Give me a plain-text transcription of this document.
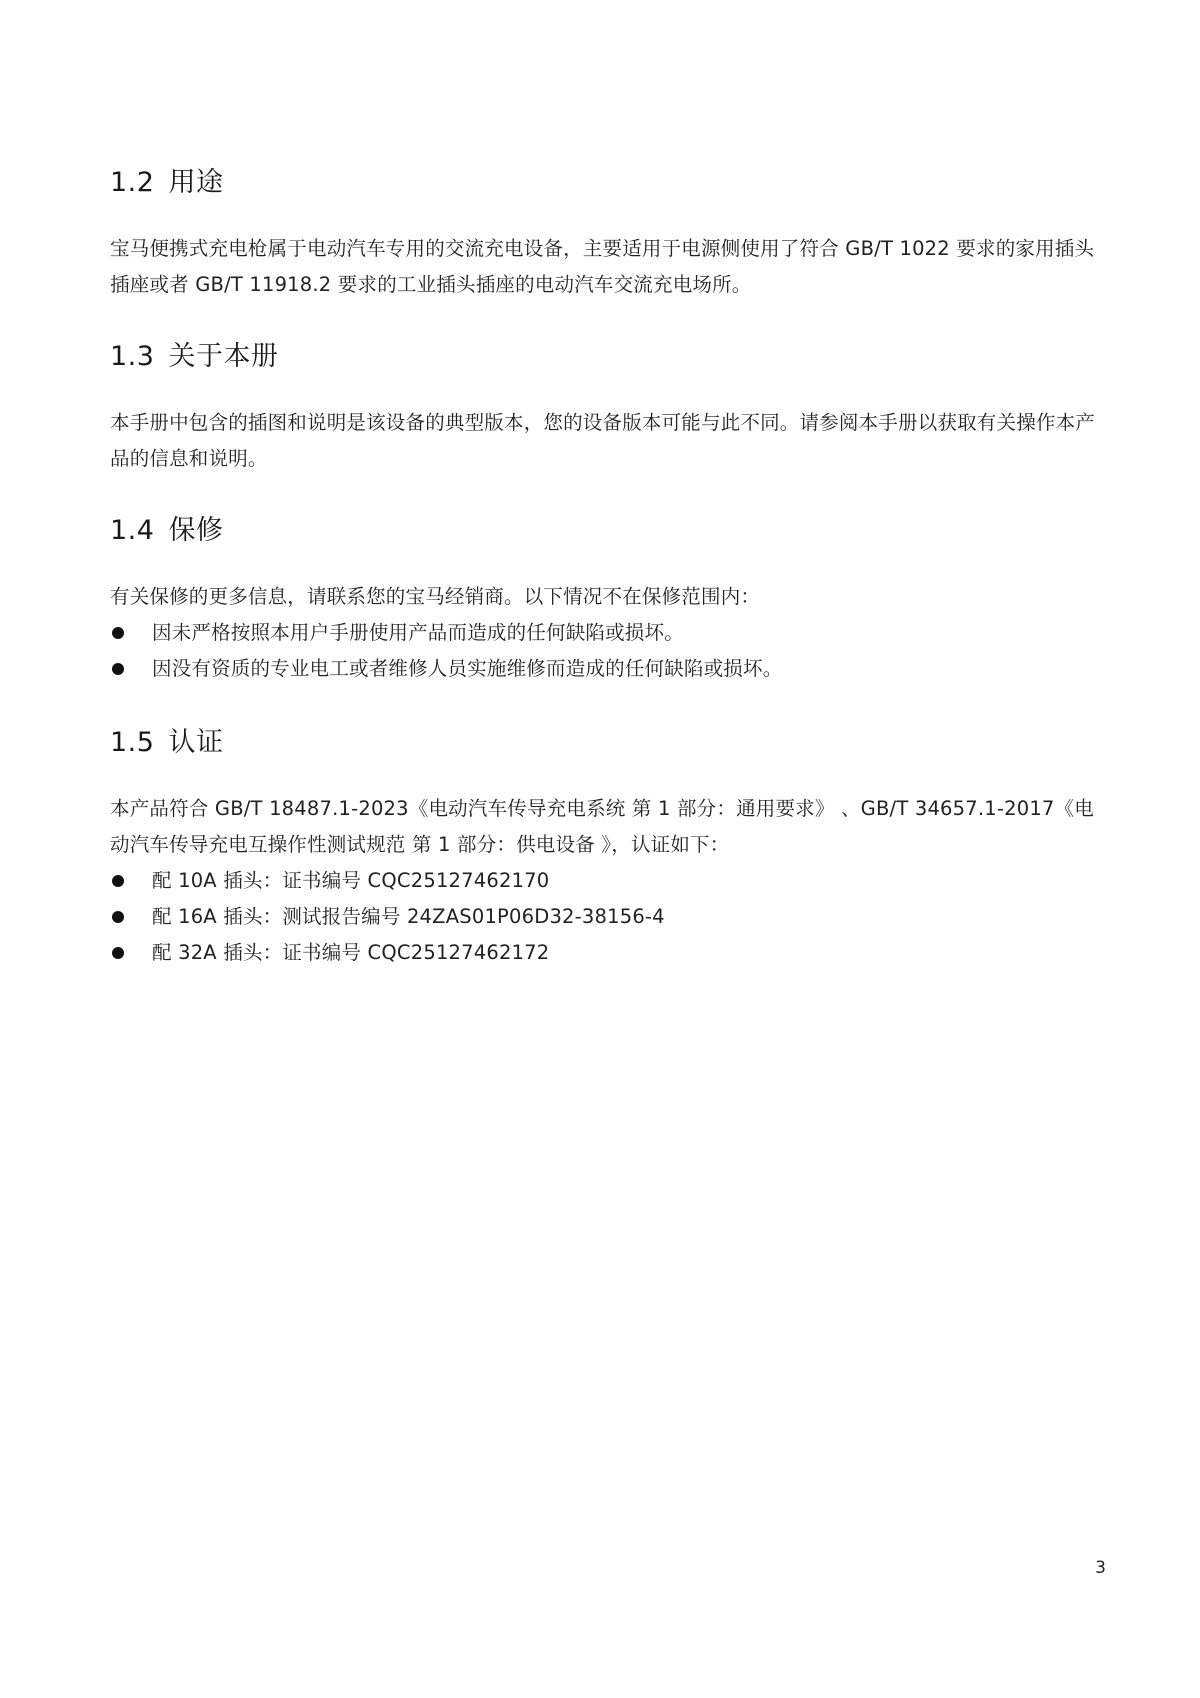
1.2 用途

宝马便携式充电枪属于电动汽车专用的交流充电设备，主要适用于电源侧使用了符合 GB/T 1022 要求的家用插头插座或者 GB/T 11918.2 要求的工业插头插座的电动汽车交流充电场所。

1.3 关于本册

本手册中包含的插图和说明是该设备的典型版本，您的设备版本可能与此不同。请参阅本手册以获取有关操作本产品的信息和说明。

1.4 保修

有关保修的更多信息，请联系您的宝马经销商。以下情况不在保修范围内：

因未严格按照本用户手册使用产品而造成的任何缺陷或损坏。
因没有资质的专业电工或者维修人员实施维修而造成的任何缺陷或损坏。
1.5 认证

本产品符合 GB/T 18487.1-2023《电动汽车传导充电系统 第 1 部分：通用要求》 、GB/T 34657.1-2017《电动汽车传导充电互操作性测试规范 第 1 部分：供电设备 》，认证如下：

配 10A 插头：证书编号 CQC25127462170
配 16A 插头：测试报告编号 24ZAS01P06D32-38156-4
配 32A 插头：证书编号 CQC25127462172
3
